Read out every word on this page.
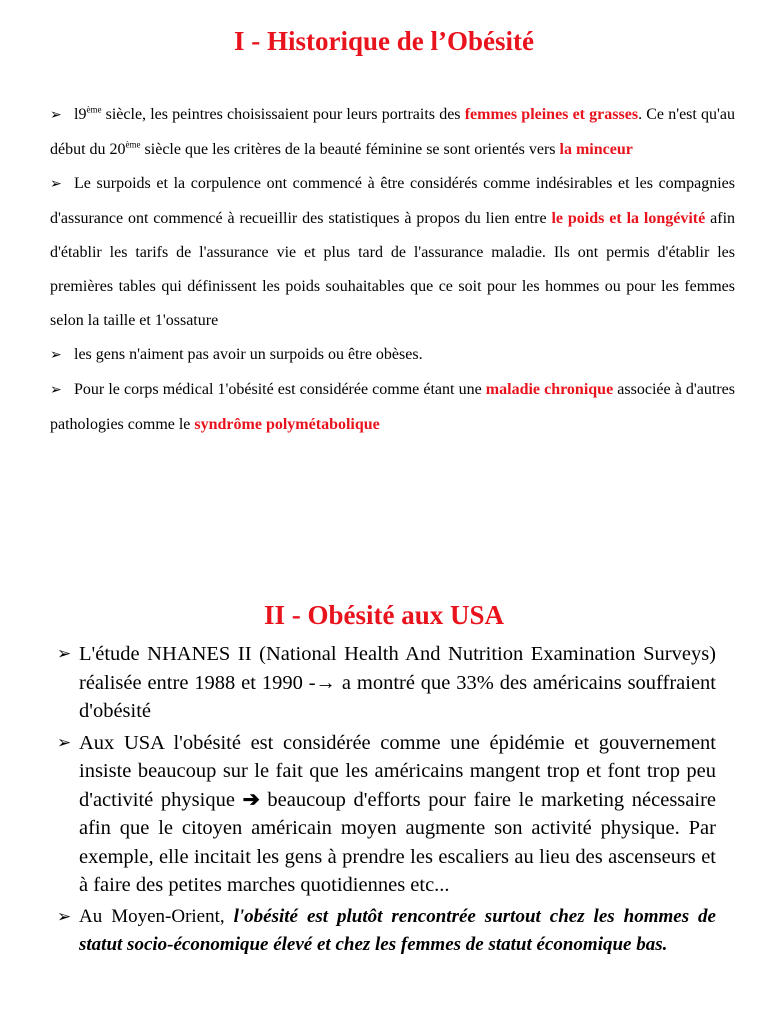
I - Historique de l’Obésité

➢ l9ème siècle, les peintres choisissaient pour leurs portraits des femmes pleines et grasses. Ce n'est qu'au début du 20ème siècle que les critères de la beauté féminine se sont orientés vers la minceur

➢ Le surpoids et la corpulence ont commencé à être considérés comme indésirables et les compagnies d'assurance ont commencé à recueillir des statistiques à propos du lien entre le poids et la longévité afin d'établir les tarifs de l'assurance vie et plus tard de l'assurance maladie. Ils ont permis d'établir les premières tables qui définissent les poids souhaitables que ce soit pour les hommes ou pour les femmes selon la taille et 1'ossature

➢ les gens n'aiment pas avoir un surpoids ou être obèses.

➢ Pour le corps médical 1'obésité est considérée comme étant une maladie chronique associée à d'autres pathologies comme le syndrôme polymétabolique

II - Obésité aux USA

➢ L'étude NHANES II (National Health And Nutrition Examination Surveys) réalisée entre 1988 et 1990 -→ a montré que 33% des américains souffraient d'obésité

➢ Aux USA l'obésité est considérée comme une épidémie et gouvernement insiste beaucoup sur le fait que les américains mangent trop et font trop peu d'activité physique ➔ beaucoup d'efforts pour faire le marketing nécessaire afin que le citoyen américain moyen augmente son activité physique. Par exemple, elle incitait les gens à prendre les escaliers au lieu des ascenseurs et à faire des petites marches quotidiennes etc...

➢ Au Moyen-Orient, l'obésité est plutôt rencontrée surtout chez les hommes de statut socio-économique élevé et chez les femmes de statut économique bas.
